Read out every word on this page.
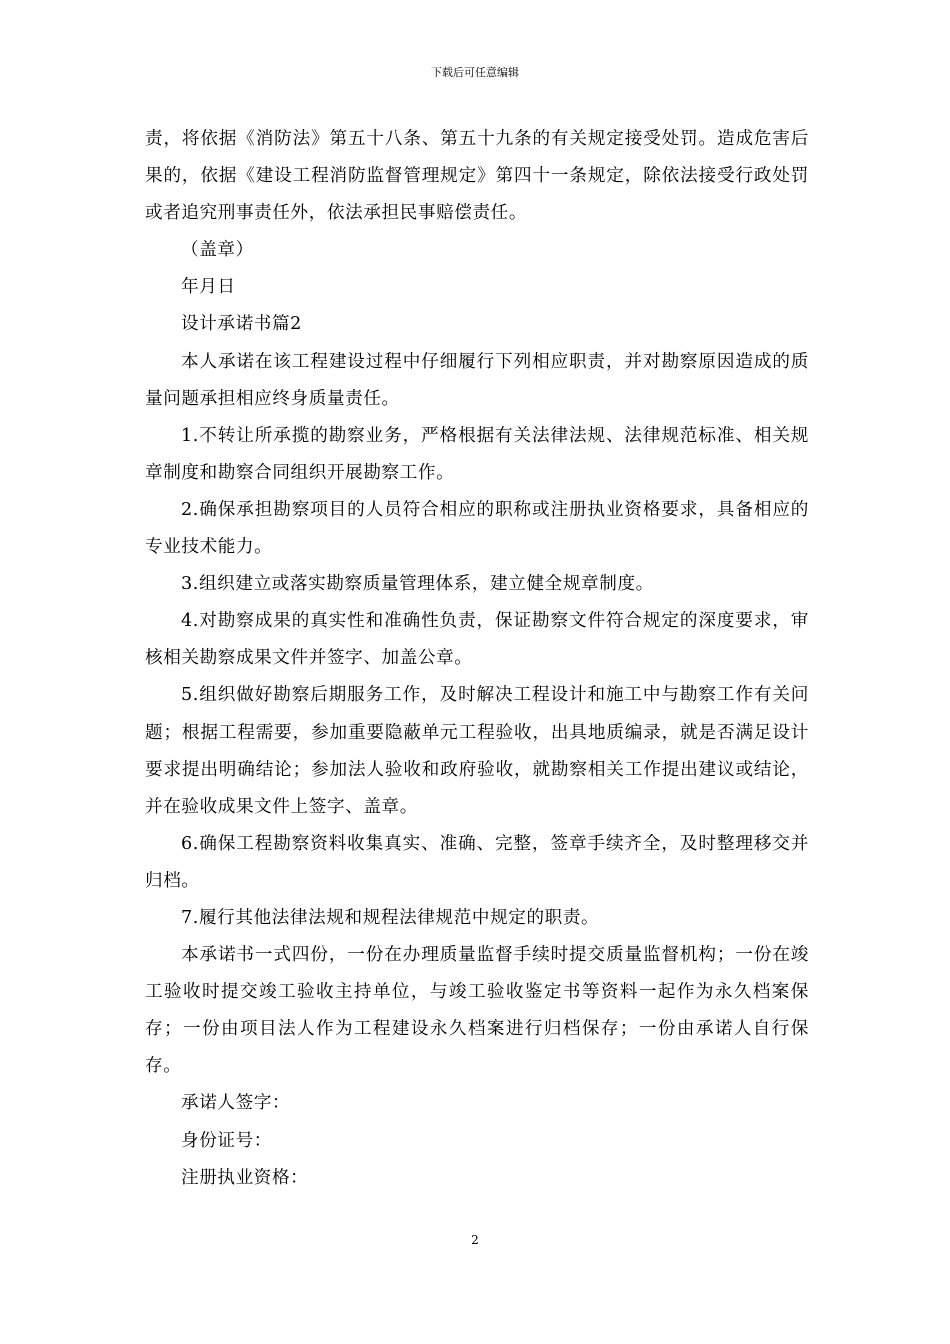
下载后可任意编辑

责，将依据《消防法》第五十八条、第五十九条的有关规定接受处罚。造成危害后果的，依据《建设工程消防监督管理规定》第四十一条规定，除依法接受行政处罚或者追究刑事责任外，依法承担民事赔偿责任。

（盖章）

年月日

设计承诺书篇2

本人承诺在该工程建设过程中仔细履行下列相应职责，并对勘察原因造成的质量问题承担相应终身质量责任。

1.不转让所承揽的勘察业务，严格根据有关法律法规、法律规范标准、相关规章制度和勘察合同组织开展勘察工作。

2.确保承担勘察项目的人员符合相应的职称或注册执业资格要求，具备相应的专业技术能力。

3.组织建立或落实勘察质量管理体系，建立健全规章制度。

4.对勘察成果的真实性和准确性负责，保证勘察文件符合规定的深度要求，审核相关勘察成果文件并签字、加盖公章。

5.组织做好勘察后期服务工作，及时解决工程设计和施工中与勘察工作有关问题；根据工程需要，参加重要隐蔽单元工程验收，出具地质编录，就是否满足设计要求提出明确结论；参加法人验收和政府验收，就勘察相关工作提出建议或结论，并在验收成果文件上签字、盖章。

6.确保工程勘察资料收集真实、准确、完整，签章手续齐全，及时整理移交并归档。

7.履行其他法律法规和规程法律规范中规定的职责。

本承诺书一式四份，一份在办理质量监督手续时提交质量监督机构；一份在竣工验收时提交竣工验收主持单位，与竣工验收鉴定书等资料一起作为永久档案保存；一份由项目法人作为工程建设永久档案进行归档保存；一份由承诺人自行保存。

承诺人签字：

身份证号：

注册执业资格：

2
